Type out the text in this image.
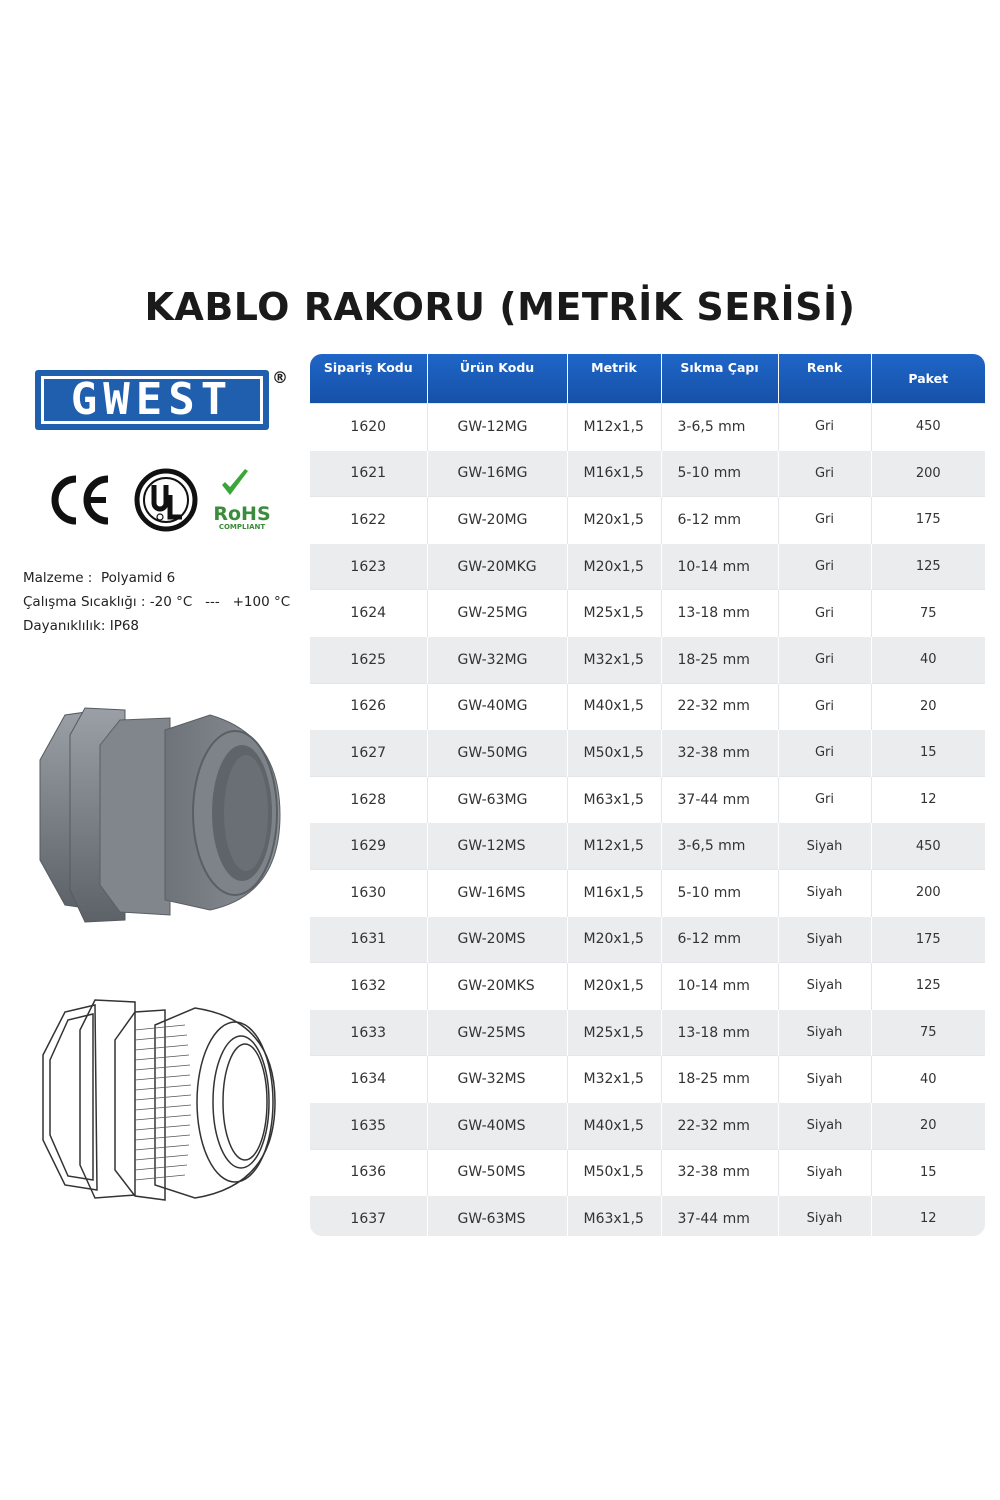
KABLO RAKORU (METRİK SERİSİ)
GWEST	®
RoHS
COMPLIANT
Malzeme :  Polyamid 6
Çalışma Sıcaklığı : -20 °C   ---   +100 °C
Dayanıklılık: IP68
Sipariş Kodu	Ürün Kodu	Metrik	Sıkma Çapı	Renk	Paket
1620	GW-12MG	M12x1,5	3-6,5 mm	Gri	450
1621	GW-16MG	M16x1,5	5-10 mm	Gri	200
1622	GW-20MG	M20x1,5	6-12 mm	Gri	175
1623	GW-20MKG	M20x1,5	10-14 mm	Gri	125
1624	GW-25MG	M25x1,5	13-18 mm	Gri	75
1625	GW-32MG	M32x1,5	18-25 mm	Gri	40
1626	GW-40MG	M40x1,5	22-32 mm	Gri	20
1627	GW-50MG	M50x1,5	32-38 mm	Gri	15
1628	GW-63MG	M63x1,5	37-44 mm	Gri	12
1629	GW-12MS	M12x1,5	3-6,5 mm	Siyah	450
1630	GW-16MS	M16x1,5	5-10 mm	Siyah	200
1631	GW-20MS	M20x1,5	6-12 mm	Siyah	175
1632	GW-20MKS	M20x1,5	10-14 mm	Siyah	125
1633	GW-25MS	M25x1,5	13-18 mm	Siyah	75
1634	GW-32MS	M32x1,5	18-25 mm	Siyah	40
1635	GW-40MS	M40x1,5	22-32 mm	Siyah	20
1636	GW-50MS	M50x1,5	32-38 mm	Siyah	15
1637	GW-63MS	M63x1,5	37-44 mm	Siyah	12
